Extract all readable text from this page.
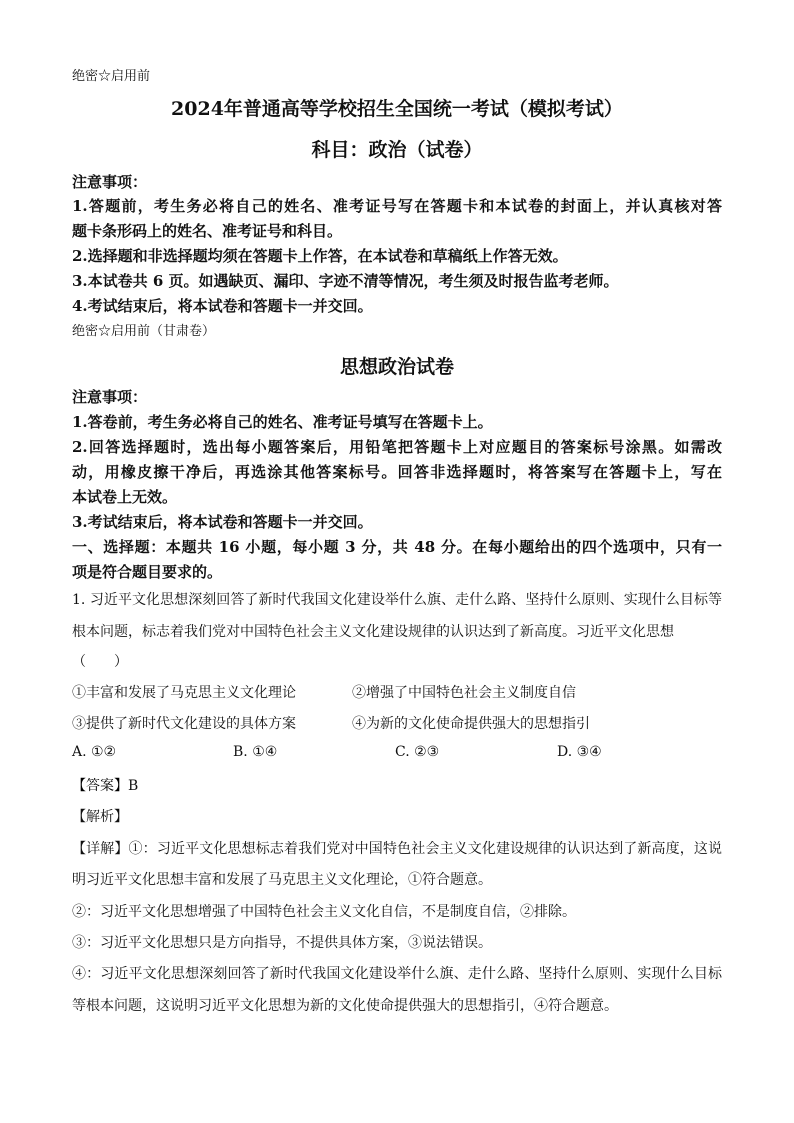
绝密☆启用前
2024年普通高等学校招生全国统一考试（模拟考试）
科目：政治（试卷）
注意事项：
1.答题前，考生务必将自己的姓名、准考证号写在答题卡和本试卷的封面上，并认真核对答
题卡条形码上的姓名、准考证号和科目。
2.选择题和非选择题均须在答题卡上作答，在本试卷和草稿纸上作答无效。
3.本试卷共 6 页。如遇缺页、漏印、字迹不清等情况，考生须及时报告监考老师。
4.考试结束后，将本试卷和答题卡一并交回。
绝密☆启用前（甘肃卷）
思想政治试卷
注意事项：
1.答卷前，考生务必将自己的姓名、准考证号填写在答题卡上。
2.回答选择题时，选出每小题答案后，用铅笔把答题卡上对应题目的答案标号涂黑。如需改
动，用橡皮擦干净后，再选涂其他答案标号。回答非选择题时，将答案写在答题卡上，写在
本试卷上无效。
3.考试结束后，将本试卷和答题卡一并交回。
一、选择题：本题共 16 小题，每小题 3 分，共 48 分。在每小题给出的四个选项中，只有一
项是符合题目要求的。
1. 习近平文化思想深刻回答了新时代我国文化建设举什么旗、走什么路、坚持什么原则、实现什么目标等
根本问题，标志着我们党对中国特色社会主义文化建设规律的认识达到了新高度。习近平文化思想
（　　）
①丰富和发展了马克思主义文化理论	②增强了中国特色社会主义制度自信
③提供了新时代文化建设的具体方案	④为新的文化使命提供强大的思想指引
A. ①②	B. ①④	C. ②③	D. ③④
【答案】B
【解析】
【详解】①：习近平文化思想标志着我们党对中国特色社会主义文化建设规律的认识达到了新高度，这说
明习近平文化思想丰富和发展了马克思主义文化理论，①符合题意。
②：习近平文化思想增强了中国特色社会主义文化自信，不是制度自信，②排除。
③：习近平文化思想只是方向指导，不提供具体方案，③说法错误。
④：习近平文化思想深刻回答了新时代我国文化建设举什么旗、走什么路、坚持什么原则、实现什么目标
等根本问题，这说明习近平文化思想为新的文化使命提供强大的思想指引，④符合题意。
